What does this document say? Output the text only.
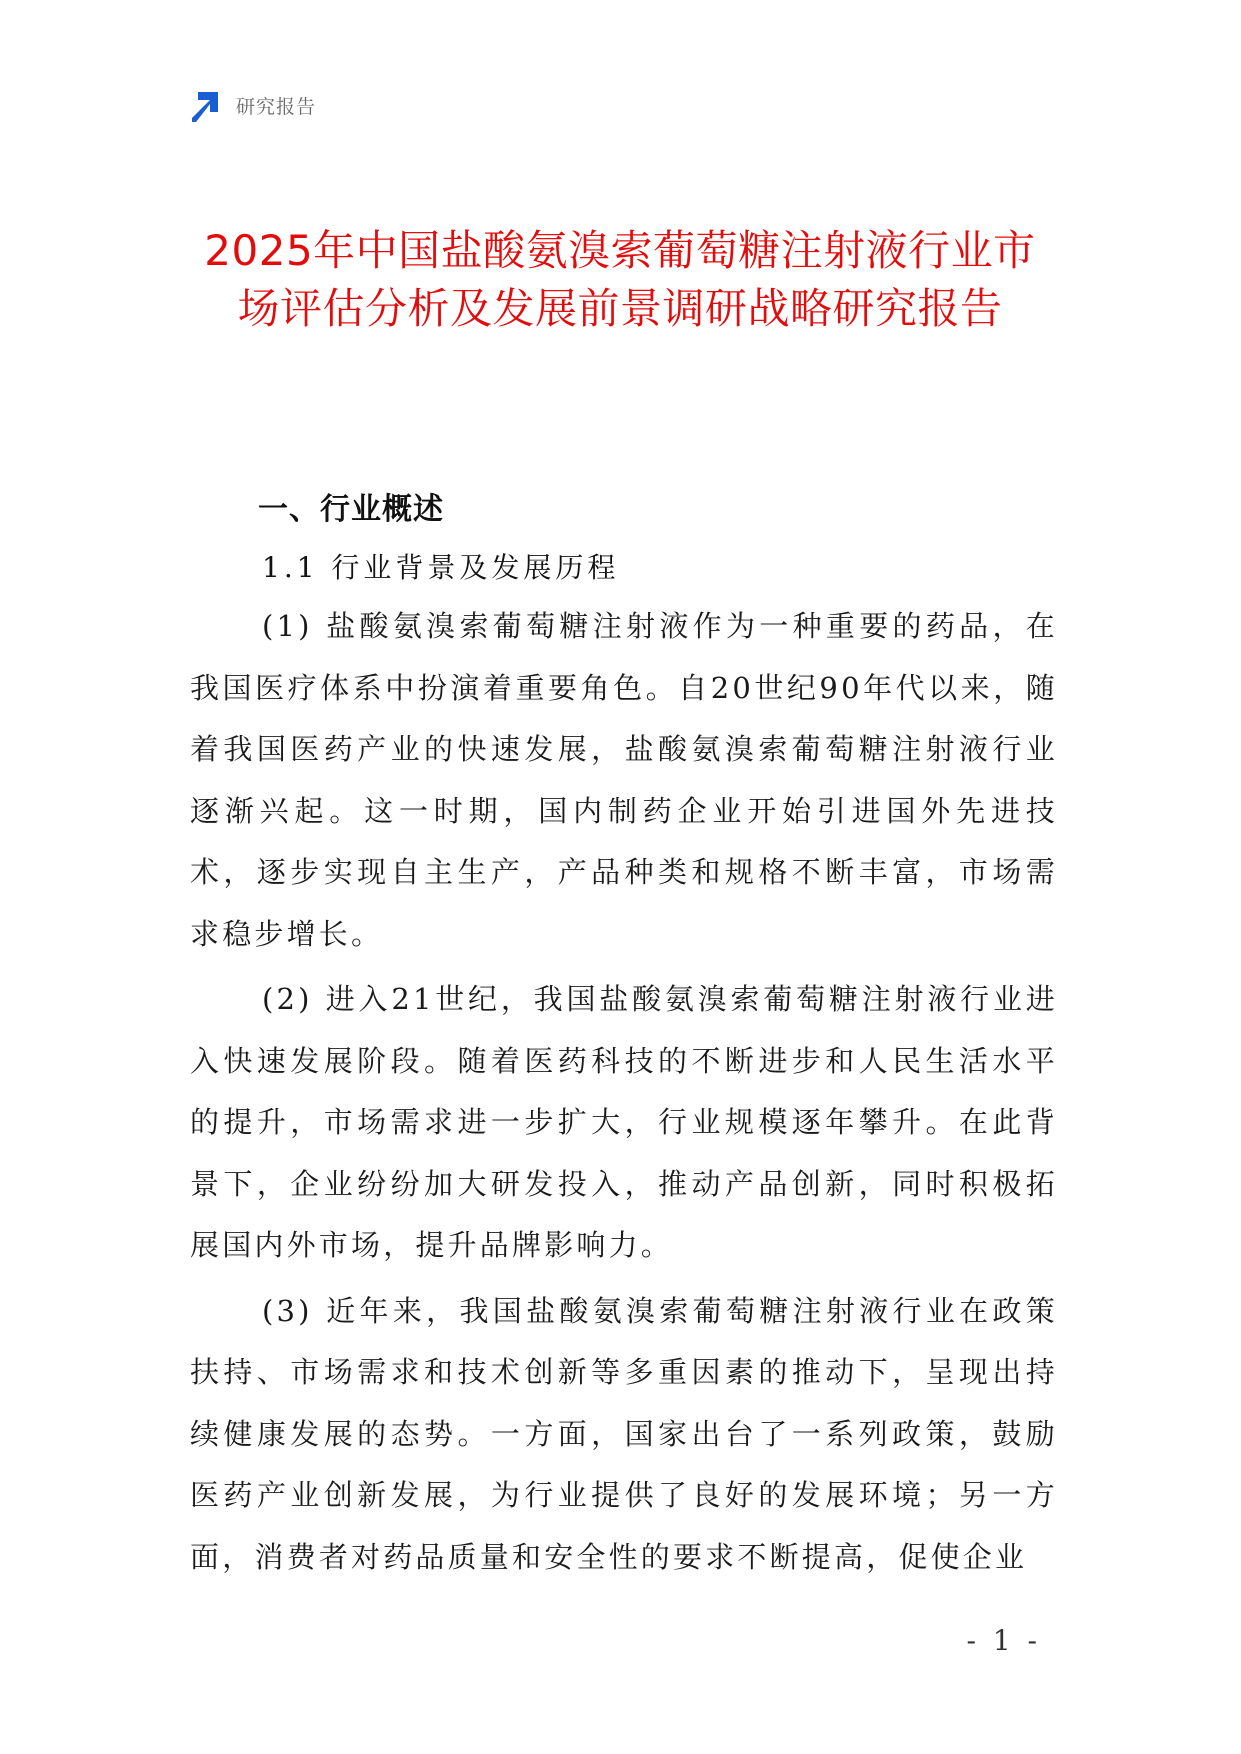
研究报告
2025年中国盐酸氨溴索葡萄糖注射液行业市场评估分析及发展前景调研战略研究报告
一、行业概述
1.1 行业背景及发展历程

(1) 盐酸氨溴索葡萄糖注射液作为一种重要的药品，在我国医疗体系中扮演着重要角色。自20世纪90年代以来，随着我国医药产业的快速发展，盐酸氨溴索葡萄糖注射液行业逐渐兴起。这一时期，国内制药企业开始引进国外先进技术，逐步实现自主生产，产品种类和规格不断丰富，市场需求稳步增长。

(2) 进入21世纪，我国盐酸氨溴索葡萄糖注射液行业进入快速发展阶段。随着医药科技的不断进步和人民生活水平的提升，市场需求进一步扩大，行业规模逐年攀升。在此背景下，企业纷纷加大研发投入，推动产品创新，同时积极拓展国内外市场，提升品牌影响力。

(3) 近年来，我国盐酸氨溴索葡萄糖注射液行业在政策扶持、市场需求和技术创新等多重因素的推动下，呈现出持续健康发展的态势。一方面，国家出台了一系列政策，鼓励医药产业创新发展，为行业提供了良好的发展环境；另一方面，消费者对药品质量和安全性的要求不断提高，促使企业

- 1 -
